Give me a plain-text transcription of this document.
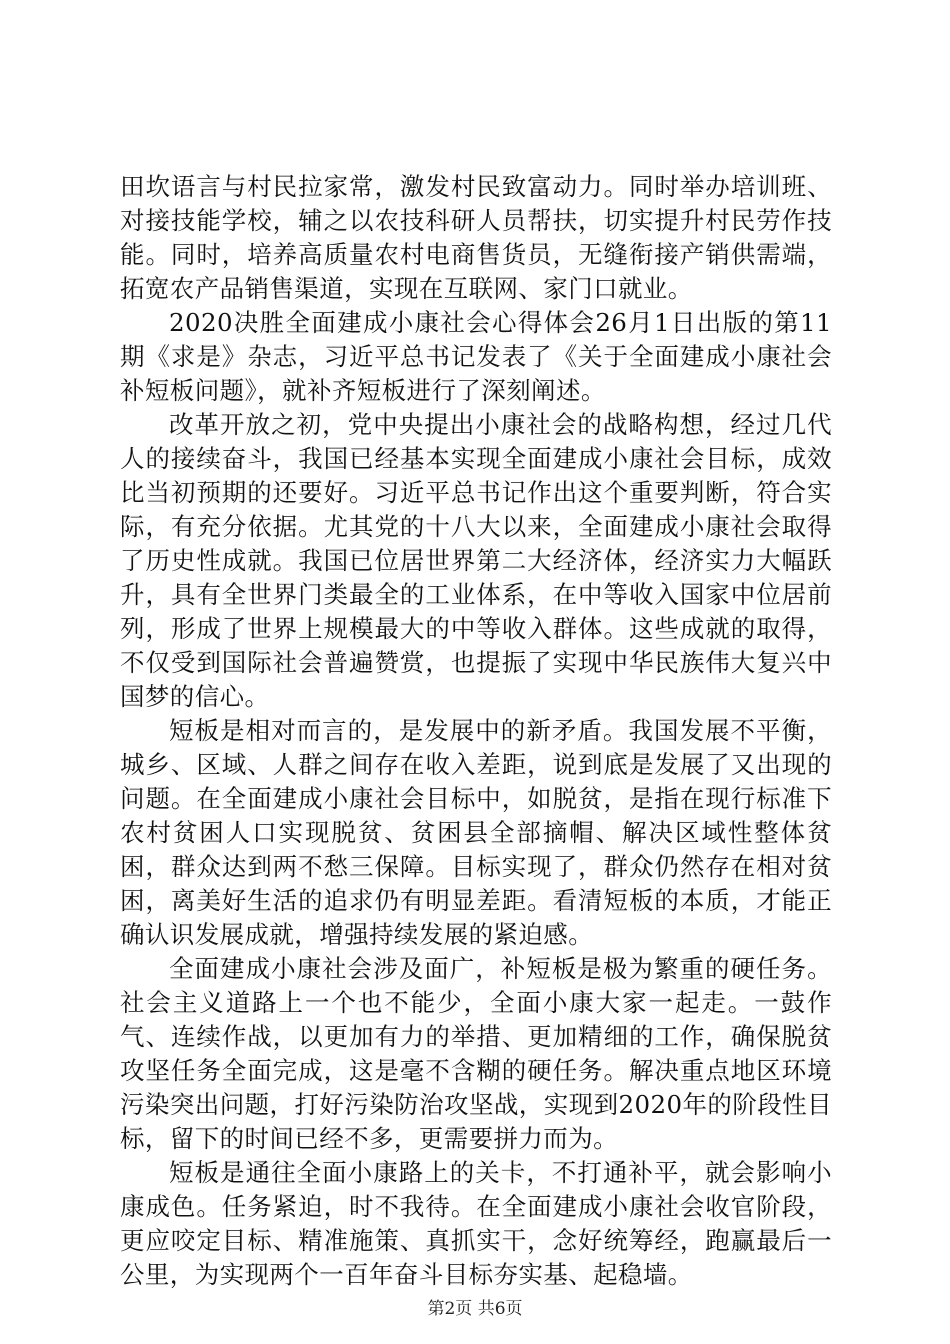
田坎语言与村民拉家常，激发村民致富动力。同时举办培训班、对接技能学校，辅之以农技科研人员帮扶，切实提升村民劳作技能。同时，培养高质量农村电商售货员，无缝衔接产销供需端，拓宽农产品销售渠道，实现在互联网、家门口就业。

2020决胜全面建成小康社会心得体会26月1日出版的第11期《求是》杂志，习近平总书记发表了《关于全面建成小康社会补短板问题》，就补齐短板进行了深刻阐述。

改革开放之初，党中央提出小康社会的战略构想，经过几代人的接续奋斗，我国已经基本实现全面建成小康社会目标，成效比当初预期的还要好。习近平总书记作出这个重要判断，符合实际，有充分依据。尤其党的十八大以来，全面建成小康社会取得了历史性成就。我国已位居世界第二大经济体，经济实力大幅跃升，具有全世界门类最全的工业体系，在中等收入国家中位居前列，形成了世界上规模最大的中等收入群体。这些成就的取得，不仅受到国际社会普遍赞赏，也提振了实现中华民族伟大复兴中国梦的信心。

短板是相对而言的，是发展中的新矛盾。我国发展不平衡，城乡、区域、人群之间存在收入差距，说到底是发展了又出现的问题。在全面建成小康社会目标中，如脱贫，是指在现行标准下农村贫困人口实现脱贫、贫困县全部摘帽、解决区域性整体贫困，群众达到两不愁三保障。目标实现了，群众仍然存在相对贫困，离美好生活的追求仍有明显差距。看清短板的本质，才能正确认识发展成就，增强持续发展的紧迫感。

全面建成小康社会涉及面广，补短板是极为繁重的硬任务。社会主义道路上一个也不能少，全面小康大家一起走。一鼓作气、连续作战，以更加有力的举措、更加精细的工作，确保脱贫攻坚任务全面完成，这是毫不含糊的硬任务。解决重点地区环境污染突出问题，打好污染防治攻坚战，实现到2020年的阶段性目标，留下的时间已经不多，更需要拼力而为。

短板是通往全面小康路上的关卡，不打通补平，就会影响小康成色。任务紧迫，时不我待。在全面建成小康社会收官阶段，更应咬定目标、精准施策、真抓实干，念好统筹经，跑赢最后一公里，为实现两个一百年奋斗目标夯实基、起稳墙。

第2页 共6页
